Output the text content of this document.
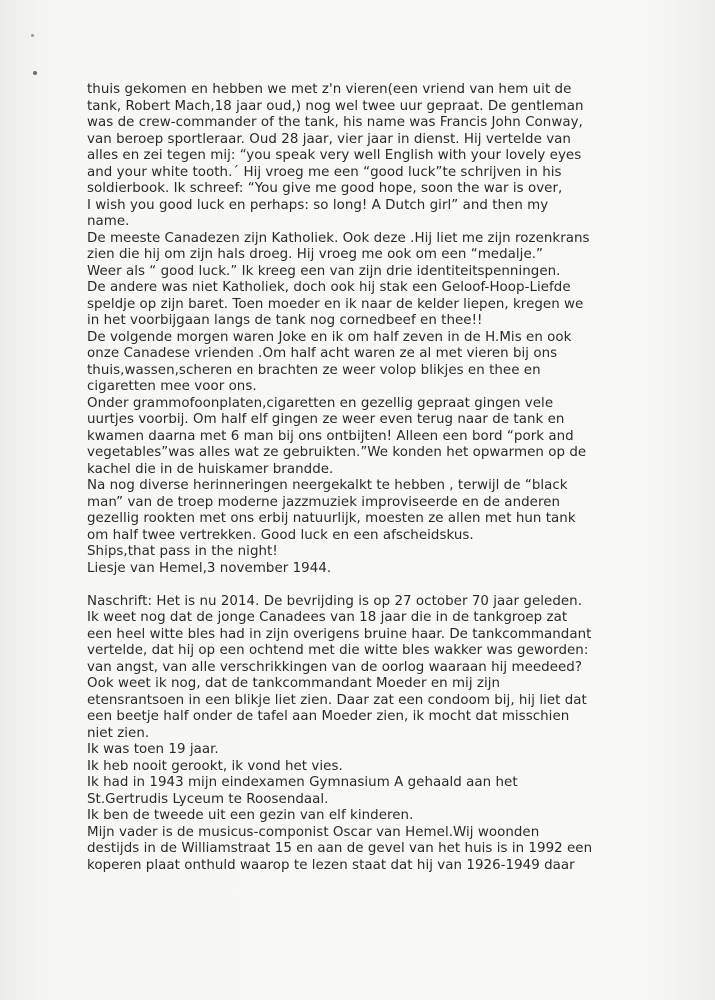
thuis gekomen en hebben we met z'n vieren(een vriend van hem uit de
tank, Robert Mach,18 jaar oud,) nog wel twee uur gepraat. De gentleman
was de crew-commander of the tank, his name was Francis John Conway,
van beroep sportleraar. Oud 28 jaar, vier jaar in dienst. Hij vertelde van
alles en zei tegen mij: “you speak very well English with your lovely eyes
and your white tooth.´ Hij vroeg me een “good luck”te schrijven in his
soldierbook. Ik schreef: “You give me good hope, soon the war is over,
I wish you good luck en perhaps: so long! A Dutch girl” and then my
name.
De meeste Canadezen zijn Katholiek. Ook deze .Hij liet me zijn rozenkrans
zien die hij om zijn hals droeg. Hij vroeg me ook om een “medalje.”
Weer als “ good luck.” Ik kreeg een van zijn drie identiteitspenningen.
De andere was niet Katholiek, doch ook hij stak een Geloof-Hoop-Liefde
speldje op zijn baret. Toen moeder en ik naar de kelder liepen, kregen we
in het voorbijgaan langs de tank nog cornedbeef en thee!!
De volgende morgen waren Joke en ik om half zeven in de H.Mis en ook
onze Canadese vrienden .Om half acht waren ze al met vieren bij ons
thuis,wassen,scheren en brachten ze weer volop blikjes en thee en
cigaretten mee voor ons.
Onder grammofoonplaten,cigaretten en gezellig gepraat gingen vele
uurtjes voorbij. Om half elf gingen ze weer even terug naar de tank en
kwamen daarna met 6 man bij ons ontbijten! Alleen een bord “pork and
vegetables”was alles wat ze gebruikten.”We konden het opwarmen op de
kachel die in de huiskamer brandde.
Na nog diverse herinneringen neergekalkt te hebben , terwijl de “black
man” van de troep moderne jazzmuziek improviseerde en de anderen
gezellig rookten met ons erbij natuurlijk, moesten ze allen met hun tank
om half twee vertrekken. Good luck en een afscheidskus.
Ships,that pass in the night!
Liesje van Hemel,3 november 1944.
Naschrift: Het is nu 2014. De bevrijding is op 27 october 70 jaar geleden.
Ik weet nog dat de jonge Canadees van 18 jaar die in de tankgroep zat
een heel witte bles had in zijn overigens bruine haar. De tankcommandant
vertelde, dat hij op een ochtend met die witte bles wakker was geworden:
van angst, van alle verschrikkingen van de oorlog waaraan hij meedeed?
Ook weet ik nog, dat de tankcommandant Moeder en mij zijn
etensrantsoen in een blikje liet zien. Daar zat een condoom bij, hij liet dat
een beetje half onder de tafel aan Moeder zien, ik mocht dat misschien
niet zien.
Ik was toen 19 jaar.
Ik heb nooit gerookt, ik vond het vies.
Ik had in 1943 mijn eindexamen Gymnasium A gehaald aan het
St.Gertrudis Lyceum te Roosendaal.
Ik ben de tweede uit een gezin van elf kinderen.
Mijn vader is de musicus-componist Oscar van Hemel.Wij woonden
destijds in de Williamstraat 15 en aan de gevel van het huis is in 1992 een
koperen plaat onthuld waarop te lezen staat dat hij van 1926-1949 daar
